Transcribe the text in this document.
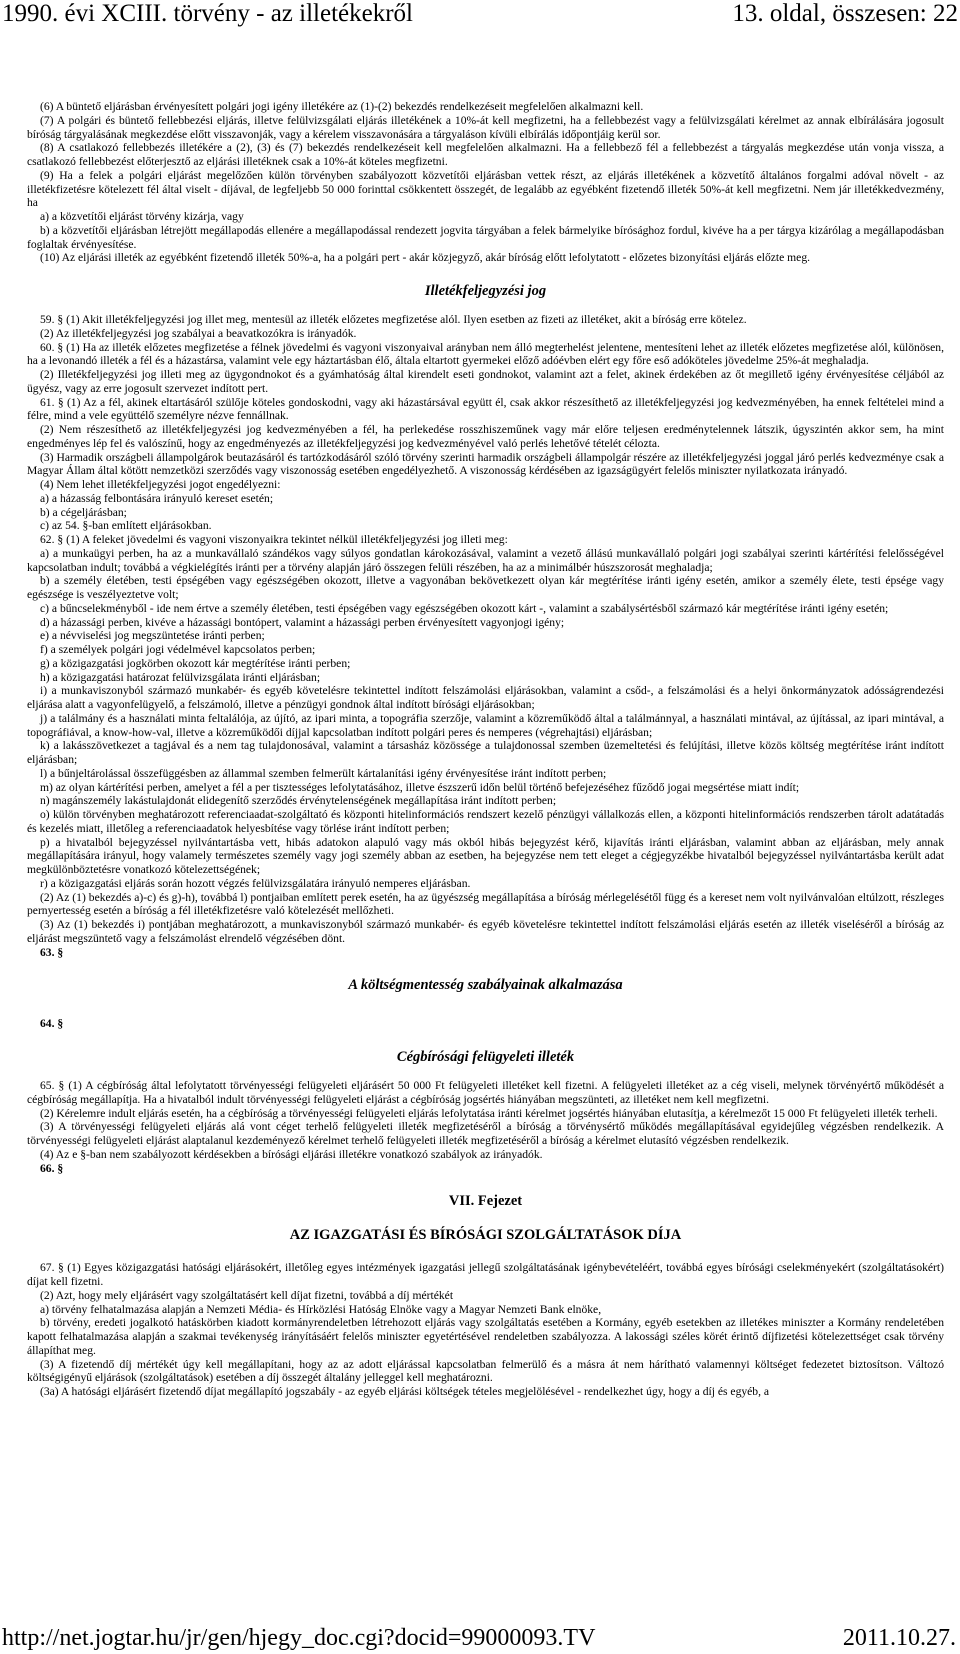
1990. évi XCIII. törvény - az illetékekről	13. oldal, összesen: 22

(6) A büntető eljárásban érvényesített polgári jogi igény illetékére az (1)-(2) bekezdés rendelkezéseit megfelelően alkalmazni kell.

(7) A polgári és büntető fellebbezési eljárás, illetve felülvizsgálati eljárás illetékének a 10%-át kell megfizetni, ha a fellebbezést vagy a felülvizsgálati kérelmet az annak elbírálására jogosult bíróság tárgyalásának megkezdése előtt visszavonják, vagy a kérelem visszavonására a tárgyaláson kívüli elbírálás időpontjáig kerül sor.

(8) A csatlakozó fellebbezés illetékére a (2), (3) és (7) bekezdés rendelkezéseit kell megfelelően alkalmazni. Ha a fellebbező fél a fellebbezést a tárgyalás megkezdése után vonja vissza, a csatlakozó fellebbezést előterjesztő az eljárási illetéknek csak a 10%-át köteles megfizetni.

(9) Ha a felek a polgári eljárást megelőzően külön törvényben szabályozott közvetítői eljárásban vettek részt, az eljárás illetékének a közvetítő általános forgalmi adóval növelt - az illetékfizetésre kötelezett fél által viselt - díjával, de legfeljebb 50 000 forinttal csökkentett összegét, de legalább az egyébként fizetendő illeték 50%-át kell megfizetni. Nem jár illetékkedvezmény, ha

a) a közvetítői eljárást törvény kizárja, vagy

b) a közvetítői eljárásban létrejött megállapodás ellenére a megállapodással rendezett jogvita tárgyában a felek bármelyike bírósághoz fordul, kivéve ha a per tárgya kizárólag a megállapodásban foglaltak érvényesítése.

(10) Az eljárási illeték az egyébként fizetendő illeték 50%-a, ha a polgári pert - akár közjegyző, akár bíróság előtt lefolytatott - előzetes bizonyítási eljárás előzte meg.

Illetékfeljegyzési jog

59. § (1) Akit illetékfeljegyzési jog illet meg, mentesül az illeték előzetes megfizetése alól. Ilyen esetben az fizeti az illetéket, akit a bíróság erre kötelez.

(2) Az illetékfeljegyzési jog szabályai a beavatkozókra is irányadók.

60. § (1) Ha az illeték előzetes megfizetése a félnek jövedelmi és vagyoni viszonyaival arányban nem álló megterhelést jelentene, mentesíteni lehet az illeték előzetes megfizetése alól, különösen, ha a levonandó illeték a fél és a házastársa, valamint vele egy háztartásban élő, általa eltartott gyermekei előző adóévben elért egy főre eső adóköteles jövedelme 25%-át meghaladja.

(2) Illetékfeljegyzési jog illeti meg az ügygondnokot és a gyámhatóság által kirendelt eseti gondnokot, valamint azt a felet, akinek érdekében az őt megillető igény érvényesítése céljából az ügyész, vagy az erre jogosult szervezet indított pert.

61. § (1) Az a fél, akinek eltartásáról szülője köteles gondoskodni, vagy aki házastársával együtt él, csak akkor részesíthető az illetékfeljegyzési jog kedvezményében, ha ennek feltételei mind a félre, mind a vele együttélő személyre nézve fennállnak.

(2) Nem részesíthető az illetékfeljegyzési jog kedvezményében a fél, ha perlekedése rosszhiszeműnek vagy már előre teljesen eredménytelennek látszik, úgyszintén akkor sem, ha mint engedményes lép fel és valószínű, hogy az engedményezés az illetékfeljegyzési jog kedvezményével való perlés lehetővé tételét célozta.

(3) Harmadik országbeli állampolgárok beutazásáról és tartózkodásáról szóló törvény szerinti harmadik országbeli állampolgár részére az illetékfeljegyzési joggal járó perlés kedvezménye csak a Magyar Állam által kötött nemzetközi szerződés vagy viszonosság esetében engedélyezhető. A viszonosság kérdésében az igazságügyért felelős miniszter nyilatkozata irányadó.

(4) Nem lehet illetékfeljegyzési jogot engedélyezni:

a) a házasság felbontására irányuló kereset esetén;

b) a cégeljárásban;

c) az 54. §-ban említett eljárásokban.

62. § (1) A feleket jövedelmi és vagyoni viszonyaikra tekintet nélkül illetékfeljegyzési jog illeti meg:

a) a munkaügyi perben, ha az a munkavállaló szándékos vagy súlyos gondatlan károkozásával, valamint a vezető állású munkavállaló polgári jogi szabályai szerinti kártérítési felelősségével kapcsolatban indult; továbbá a végkielégítés iránti per a törvény alapján járó összegen felüli részében, ha az a minimálbér húszszorosát meghaladja;

b) a személy életében, testi épségében vagy egészségében okozott, illetve a vagyonában bekövetkezett olyan kár megtérítése iránti igény esetén, amikor a személy élete, testi épsége vagy egészsége is veszélyeztetve volt;

c) a bűncselekményből - ide nem értve a személy életében, testi épségében vagy egészségében okozott kárt -, valamint a szabálysértésből származó kár megtérítése iránti igény esetén;

d) a házassági perben, kivéve a házassági bontópert, valamint a házassági perben érvényesített vagyonjogi igény;

e) a névviselési jog megszüntetése iránti perben;

f) a személyek polgári jogi védelmével kapcsolatos perben;

g) a közigazgatási jogkörben okozott kár megtérítése iránti perben;

h) a közigazgatási határozat felülvizsgálata iránti eljárásban;

i) a munkaviszonyból származó munkabér- és egyéb követelésre tekintettel indított felszámolási eljárásokban, valamint a csőd-, a felszámolási és a helyi önkormányzatok adósságrendezési eljárása alatt a vagyonfelügyelő, a felszámoló, illetve a pénzügyi gondnok által indított bírósági eljárásokban;

j) a találmány és a használati minta feltalálója, az újító, az ipari minta, a topográfia szerzője, valamint a közreműködő által a találmánnyal, a használati mintával, az újítással, az ipari mintával, a topográfiával, a know-how-val, illetve a közreműködői díjjal kapcsolatban indított polgári peres és nemperes (végrehajtási) eljárásban;

k) a lakásszövetkezet a tagjával és a nem tag tulajdonosával, valamint a társasház közössége a tulajdonossal szemben üzemeltetési és felújítási, illetve közös költség megtérítése iránt indított eljárásban;

l) a bűnjeltárolással összefüggésben az állammal szemben felmerült kártalanítási igény érvényesítése iránt indított perben;

m) az olyan kártérítési perben, amelyet a fél a per tisztességes lefolytatásához, illetve észszerű időn belül történő befejezéséhez fűződő jogai megsértése miatt indít;

n) magánszemély lakástulajdonát elidegenítő szerződés érvénytelenségének megállapítása iránt indított perben;

o) külön törvényben meghatározott referenciaadat-szolgáltató és központi hitelinformációs rendszert kezelő pénzügyi vállalkozás ellen, a központi hitelinformációs rendszerben tárolt adatátadás és kezelés miatt, illetőleg a referenciaadatok helyesbítése vagy törlése iránt indított perben;

p) a hivatalból bejegyzéssel nyilvántartásba vett, hibás adatokon alapuló vagy más okból hibás bejegyzést kérő, kijavítás iránti eljárásban, valamint abban az eljárásban, mely annak megállapítására irányul, hogy valamely természetes személy vagy jogi személy abban az esetben, ha bejegyzése nem tett eleget a cégjegyzékbe hivatalból bejegyzéssel nyilvántartásba került adat megkülönböztetésre vonatkozó kötelezettségének;

r) a közigazgatási eljárás során hozott végzés felülvizsgálatára irányuló nemperes eljárásban.

(2) Az (1) bekezdés a)-c) és g)-h), továbbá l) pontjaiban említett perek esetén, ha az ügyészség megállapítása a bíróság mérlegelésétől függ és a kereset nem volt nyilvánvalóan eltúlzott, részleges pernyertesség esetén a bíróság a fél illetékfizetésre való kötelezését mellőzheti.

(3) Az (1) bekezdés i) pontjában meghatározott, a munkaviszonyból származó munkabér- és egyéb követelésre tekintettel indított felszámolási eljárás esetén az illeték viseléséről a bíróság az eljárást megszüntető vagy a felszámolást elrendelő végzésében dönt.

63. §

A költségmentesség szabályainak alkalmazása

64. §

Cégbírósági felügyeleti illeték

65. § (1) A cégbíróság által lefolytatott törvényességi felügyeleti eljárásért 50 000 Ft felügyeleti illetéket kell fizetni. A felügyeleti illetéket az a cég viseli, melynek törvényértő működését a cégbíróság megállapítja. Ha a hivatalból indult törvényességi felügyeleti eljárást a cégbíróság jogsértés hiányában megszünteti, az illetéket nem kell megfizetni.

(2) Kérelemre indult eljárás esetén, ha a cégbíróság a törvényességi felügyeleti eljárás lefolytatása iránti kérelmet jogsértés hiányában elutasítja, a kérelmezőt 15 000 Ft felügyeleti illeték terheli.

(3) A törvényességi felügyeleti eljárás alá vont céget terhelő felügyeleti illeték megfizetéséről a bíróság a törvénysértő működés megállapításával egyidejűleg végzésben rendelkezik. A törvényességi felügyeleti eljárást alaptalanul kezdeményező kérelmet terhelő felügyeleti illeték megfizetéséről a bíróság a kérelmet elutasító végzésben rendelkezik.

(4) Az e §-ban nem szabályozott kérdésekben a bírósági eljárási illetékre vonatkozó szabályok az irányadók.

66. §

VII. Fejezet
AZ IGAZGATÁSI ÉS BÍRÓSÁGI SZOLGÁLTATÁSOK DÍJA

67. § (1) Egyes közigazgatási hatósági eljárásokért, illetőleg egyes intézmények igazgatási jellegű szolgáltatásának igénybevételéért, továbbá egyes bírósági cselekményekért (szolgáltatásokért) díjat kell fizetni.

(2) Azt, hogy mely eljárásért vagy szolgáltatásért kell díjat fizetni, továbbá a díj mértékét

a) törvény felhatalmazása alapján a Nemzeti Média- és Hírközlési Hatóság Elnöke vagy a Magyar Nemzeti Bank elnöke,

b) törvény, eredeti jogalkotó hatáskörben kiadott kormányrendeletben létrehozott eljárás vagy szolgáltatás esetében a Kormány, egyéb esetekben az illetékes miniszter a Kormány rendeletében kapott felhatalmazása alapján a szakmai tevékenység irányításáért felelős miniszter egyetértésével rendeletben szabályozza. A lakossági széles körét érintő díjfizetési kötelezettséget csak törvény állapíthat meg.

(3) A fizetendő díj mértékét úgy kell megállapítani, hogy az az adott eljárással kapcsolatban felmerülő és a másra át nem hárítható valamennyi költséget fedezetet biztosítson. Változó költségigényű eljárások (szolgáltatások) esetében a díj összegét általány jelleggel kell meghatározni.

(3a) A hatósági eljárásért fizetendő díjat megállapító jogszabály - az egyéb eljárási költségek tételes megjelölésével - rendelkezhet úgy, hogy a díj és egyéb, a

http://net.jogtar.hu/jr/gen/hjegy_doc.cgi?docid=99000093.TV	2011.10.27.
